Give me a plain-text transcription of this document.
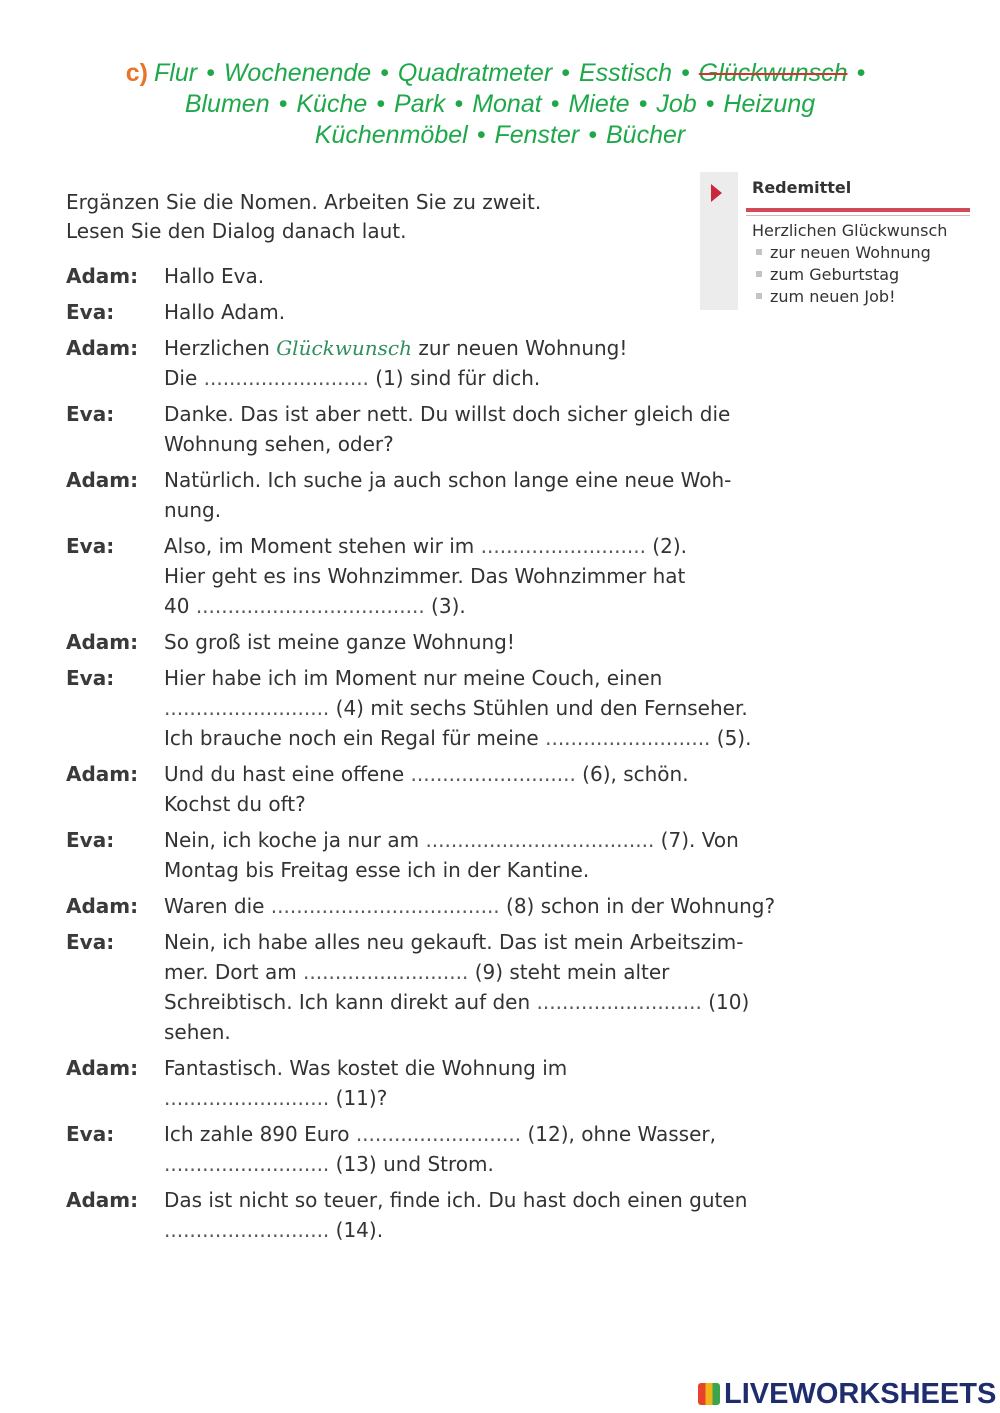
c) Flur • Wochenende • Quadratmeter • Esstisch • Glückwunsch •
Blumen • Küche • Park • Monat • Miete • Job • Heizung
Küchenmöbel • Fenster • Bücher
Ergänzen Sie die Nomen. Arbeiten Sie zu zweit.
Lesen Sie den Dialog danach laut.
Redemittel
Herzlichen Glückwunsch
zur neuen Wohnung
zum Geburtstag
zum neuen Job!
Adam:	Hallo Eva.
Eva:	Hallo Adam.
Adam:	Herzlichen Glückwunsch zur neuen Wohnung!
Die .......................... (1) sind für dich.
Eva:	Danke. Das ist aber nett. Du willst doch sicher gleich die
Wohnung sehen, oder?
Adam:	Natürlich. Ich suche ja auch schon lange eine neue Woh-
nung.
Eva:	Also, im Moment stehen wir im .......................... (2).
Hier geht es ins Wohnzimmer. Das Wohnzimmer hat
40 .................................... (3).
Adam:	So groß ist meine ganze Wohnung!
Eva:	Hier habe ich im Moment nur meine Couch, einen
.......................... (4) mit sechs Stühlen und den Fernseher.
Ich brauche noch ein Regal für meine .......................... (5).
Adam:	Und du hast eine offene .......................... (6), schön.
Kochst du oft?
Eva:	Nein, ich koche ja nur am .................................... (7). Von
Montag bis Freitag esse ich in der Kantine.
Adam:	Waren die .................................... (8) schon in der Wohnung?
Eva:	Nein, ich habe alles neu gekauft. Das ist mein Arbeitszim-
mer. Dort am .......................... (9) steht mein alter
Schreibtisch. Ich kann direkt auf den .......................... (10)
sehen.
Adam:	Fantastisch. Was kostet die Wohnung im
.......................... (11)?
Eva:	Ich zahle 890 Euro .......................... (12), ohne Wasser,
.......................... (13) und Strom.
Adam:	Das ist nicht so teuer, finde ich. Du hast doch einen guten
.......................... (14).
LIVEWORKSHEETS
